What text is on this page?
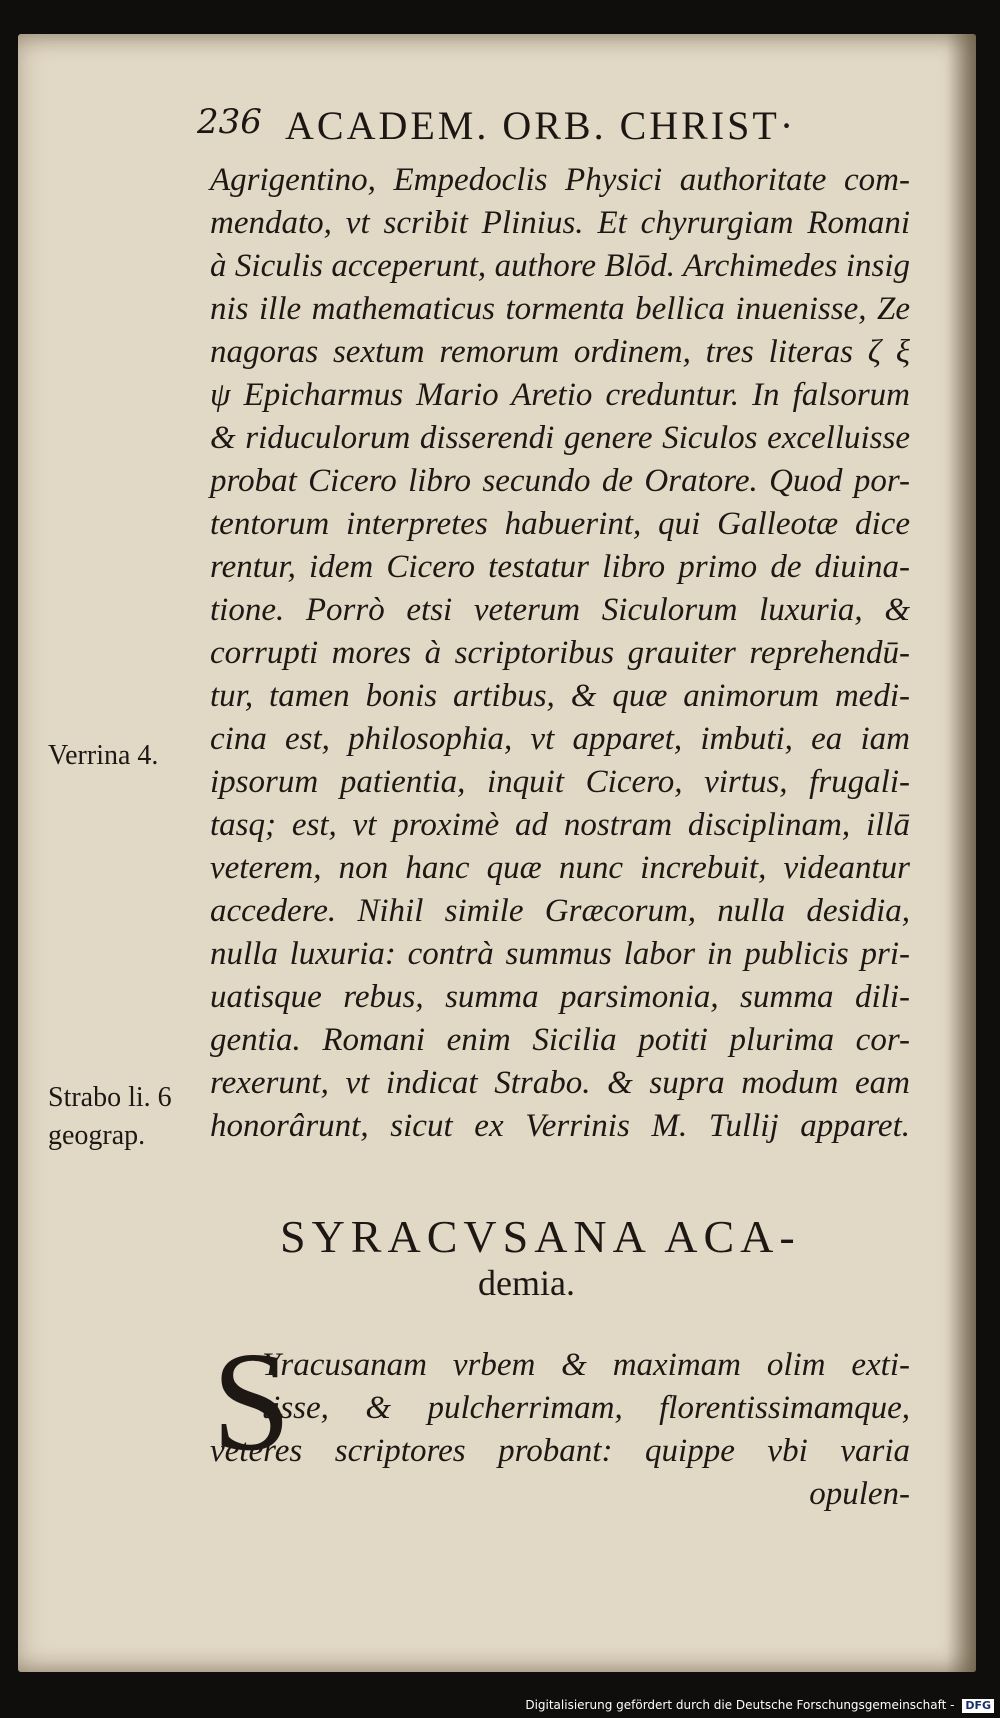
236 ACADEM. ORB. CHRIST·
Agrigentino, Empedoclis Physici authoritate com-
mendato, vt scribit Plinius. Et chyrurgiam Romani
à Siculis acceperunt, authore Blōd. Archimedes insig
nis ille mathematicus tormenta bellica inuenisse, Ze
nagoras sextum remorum ordinem, tres literas ζ ξ
ψ Epicharmus Mario Aretio creduntur. In falsorum
& riduculorum disserendi genere Siculos excelluisse
probat Cicero libro secundo de Oratore. Quod por-
tentorum interpretes habuerint, qui Galleotæ dice
rentur, idem Cicero testatur libro primo de diuina-
tione. Porrò etsi veterum Siculorum luxuria, &
corrupti mores à scriptoribus grauiter reprehendū-
tur, tamen bonis artibus, & quæ animorum medi-
cina est, philosophia, vt apparet, imbuti, ea iam
ipsorum patientia, inquit Cicero, virtus, frugali-
tasq; est, vt proximè ad nostram disciplinam, illā
veterem, non hanc quæ nunc increbuit, videantur
accedere. Nihil simile Græcorum, nulla desidia,
nulla luxuria: contrà summus labor in publicis pri-
uatisque rebus, summa parsimonia, summa dili-
gentia. Romani enim Sicilia potiti plurima cor-
rexerunt, vt indicat Strabo. & supra modum eam
honorârunt, sicut ex Verrinis M. Tullij apparet.
Verrina 4.
Strabo li. 6
geograp.
SYRACVSANA ACA-
demia.
S
Yracusanam vrbem & maximam olim exti-
tisse, & pulcherrimam, florentissimamque,
veteres scriptores probant: quippe vbi varia
opulen-
Digitalisierung gefördert durch die Deutsche Forschungsgemeinschaft - DFG
